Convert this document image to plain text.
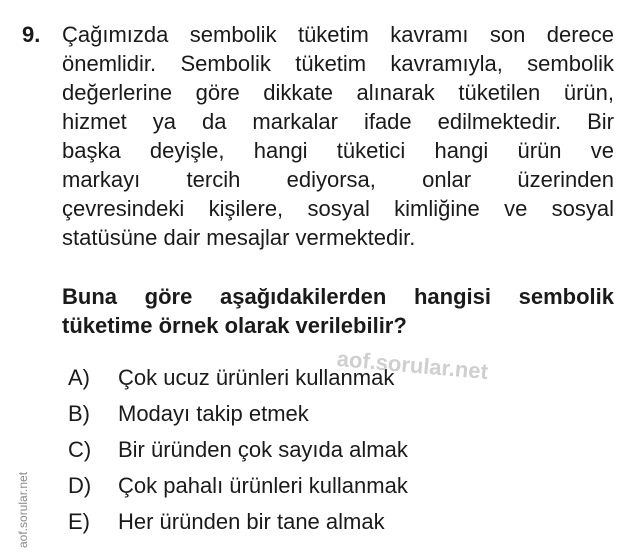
9. Çağımızda sembolik tüketim kavramı son derece
önemlidir. Sembolik tüketim kavramıyla, sembolik
değerlerine göre dikkate alınarak tüketilen ürün,
hizmet ya da markalar ifade edilmektedir. Bir
başka deyişle, hangi tüketici hangi ürün ve
markayı tercih ediyorsa, onlar üzerinden
çevresindeki kişilere, sosyal kimliğine ve sosyal
statüsüne dair mesajlar vermektedir.
Buna göre aşağıdakilerden hangisi sembolik
tüketime örnek olarak verilebilir?
A) Çok ucuz ürünleri kullanmak
B) Modayı takip etmek
C) Bir üründen çok sayıda almak
D) Çok pahalı ürünleri kullanmak
E) Her üründen bir tane almak
aof.sorular.net
aof.sorular.net
